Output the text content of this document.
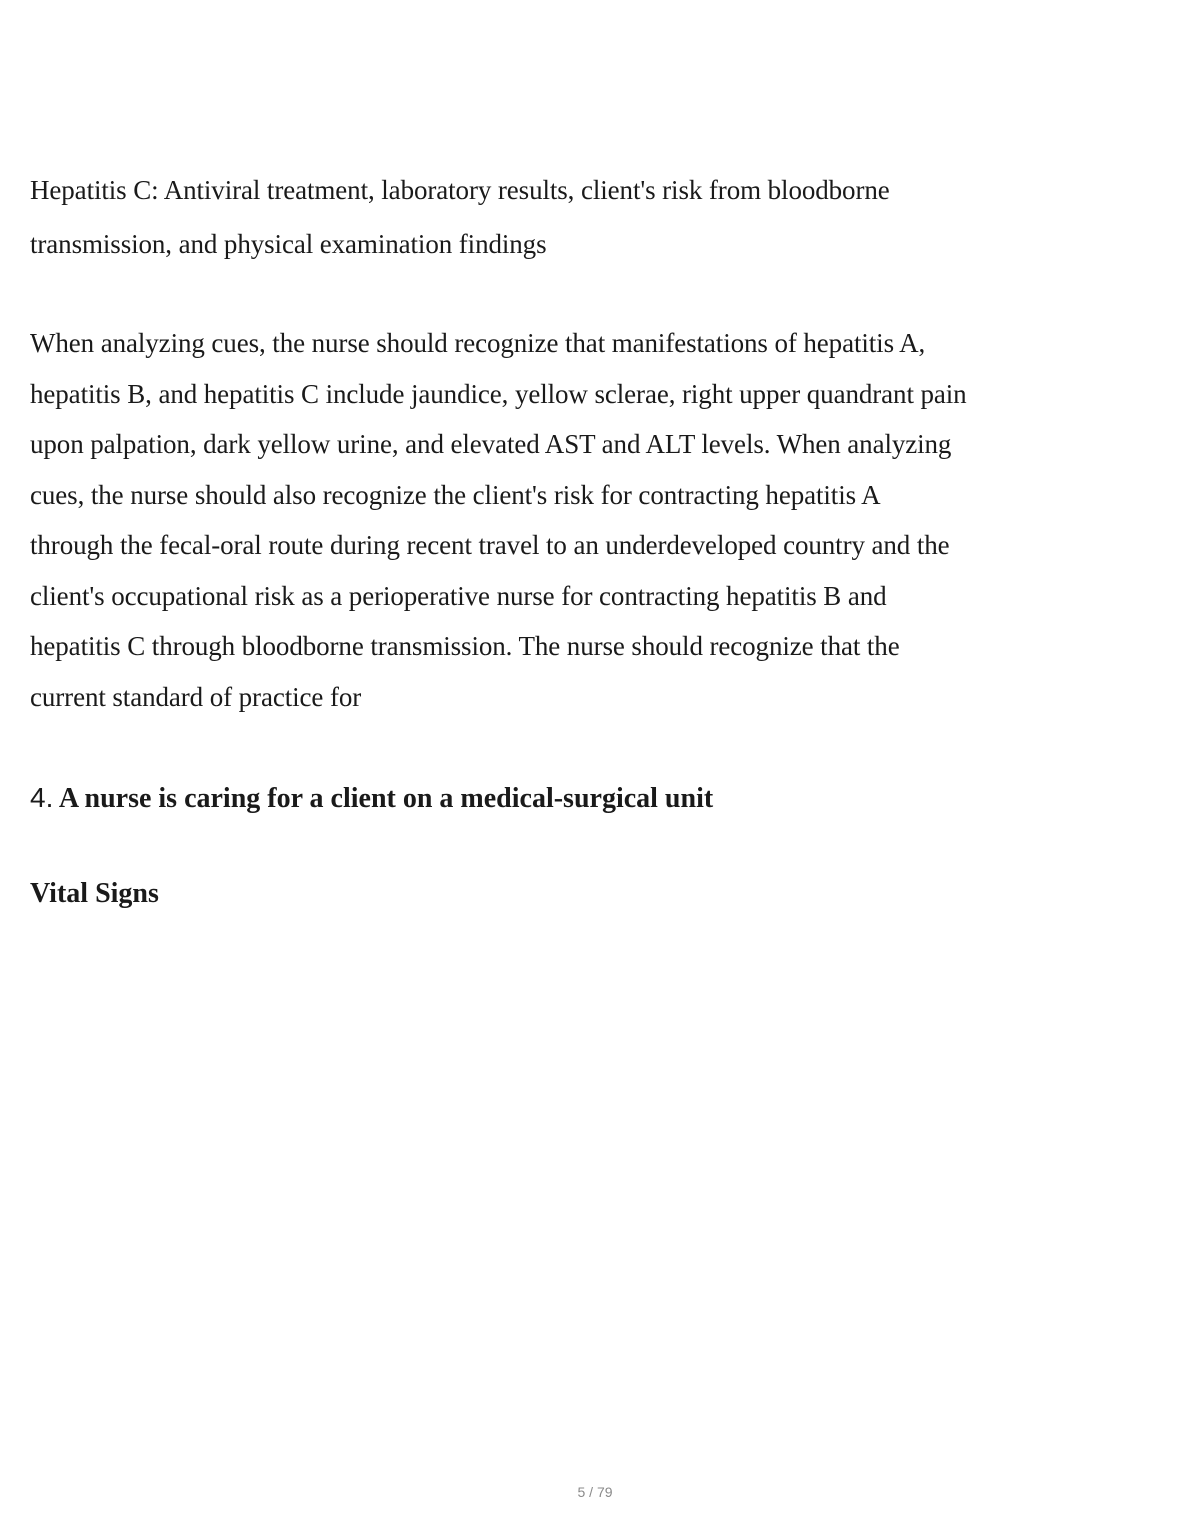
Hepatitis C: Antiviral treatment, laboratory results, client's risk from bloodborne
transmission, and physical examination findings

When analyzing cues, the nurse should recognize that manifestations of hepatitis A,
hepatitis B, and hepatitis C include jaundice, yellow sclerae, right upper quandrant pain
upon palpation, dark yellow urine, and elevated AST and ALT levels. When analyzing
cues, the nurse should also recognize the client's risk for contracting hepatitis A
through the fecal-oral route during recent travel to an underdeveloped country and the
client's occupational risk as a perioperative nurse for contracting hepatitis B and
hepatitis C through bloodborne transmission. The nurse should recognize that the
current standard of practice for

4. A nurse is caring for a client on a medical-surgical unit
Vital Signs
5 / 79
